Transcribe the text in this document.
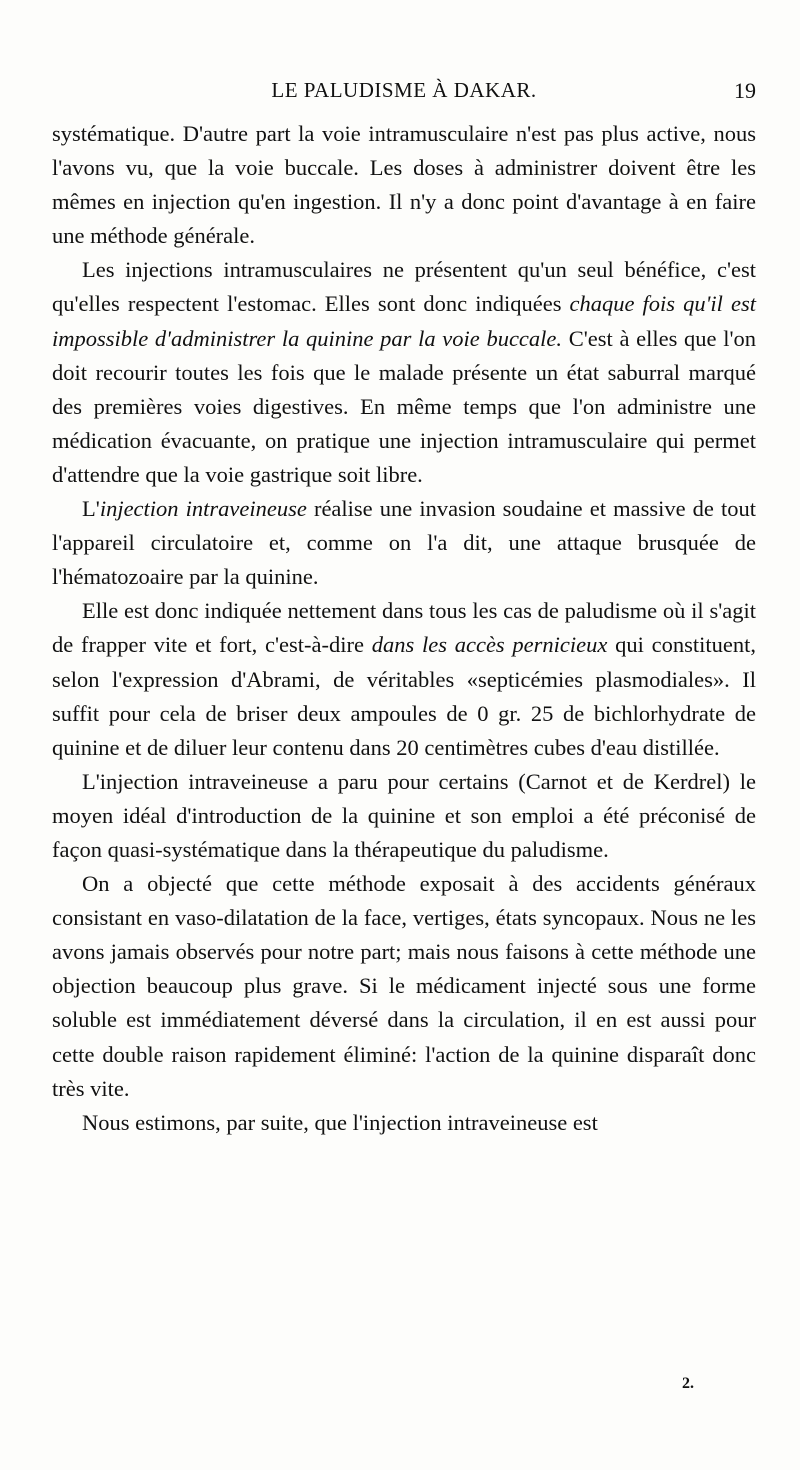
LE PALUDISME À DAKAR.	19

systématique. D'autre part la voie intramusculaire n'est pas plus active, nous l'avons vu, que la voie buccale. Les doses à administrer doivent être les mêmes en injection qu'en ingestion. Il n'y a donc point d'avantage à en faire une méthode générale.

Les injections intramusculaires ne présentent qu'un seul bénéfice, c'est qu'elles respectent l'estomac. Elles sont donc indiquées chaque fois qu'il est impossible d'administrer la quinine par la voie buccale. C'est à elles que l'on doit recourir toutes les fois que le malade présente un état saburral marqué des premières voies digestives. En même temps que l'on administre une médication évacuante, on pratique une injection intramusculaire qui permet d'attendre que la voie gastrique soit libre.

L'injection intraveineuse réalise une invasion soudaine et massive de tout l'appareil circulatoire et, comme on l'a dit, une attaque brusquée de l'hématozoaire par la quinine.

Elle est donc indiquée nettement dans tous les cas de paludisme où il s'agit de frapper vite et fort, c'est-à-dire dans les accès pernicieux qui constituent, selon l'expression d'Abrami, de véritables «septicémies plasmodiales». Il suffit pour cela de briser deux ampoules de 0 gr. 25 de bichlorhydrate de quinine et de diluer leur contenu dans 20 centimètres cubes d'eau distillée.

L'injection intraveineuse a paru pour certains (Carnot et de Kerdrel) le moyen idéal d'introduction de la quinine et son emploi a été préconisé de façon quasi-systématique dans la thérapeutique du paludisme.

On a objecté que cette méthode exposait à des accidents généraux consistant en vaso-dilatation de la face, vertiges, états syncopaux. Nous ne les avons jamais observés pour notre part; mais nous faisons à cette méthode une objection beaucoup plus grave. Si le médicament injecté sous une forme soluble est immédiatement déversé dans la circulation, il en est aussi pour cette double raison rapidement éliminé: l'action de la quinine disparaît donc très vite.

Nous estimons, par suite, que l'injection intraveineuse est

2.
